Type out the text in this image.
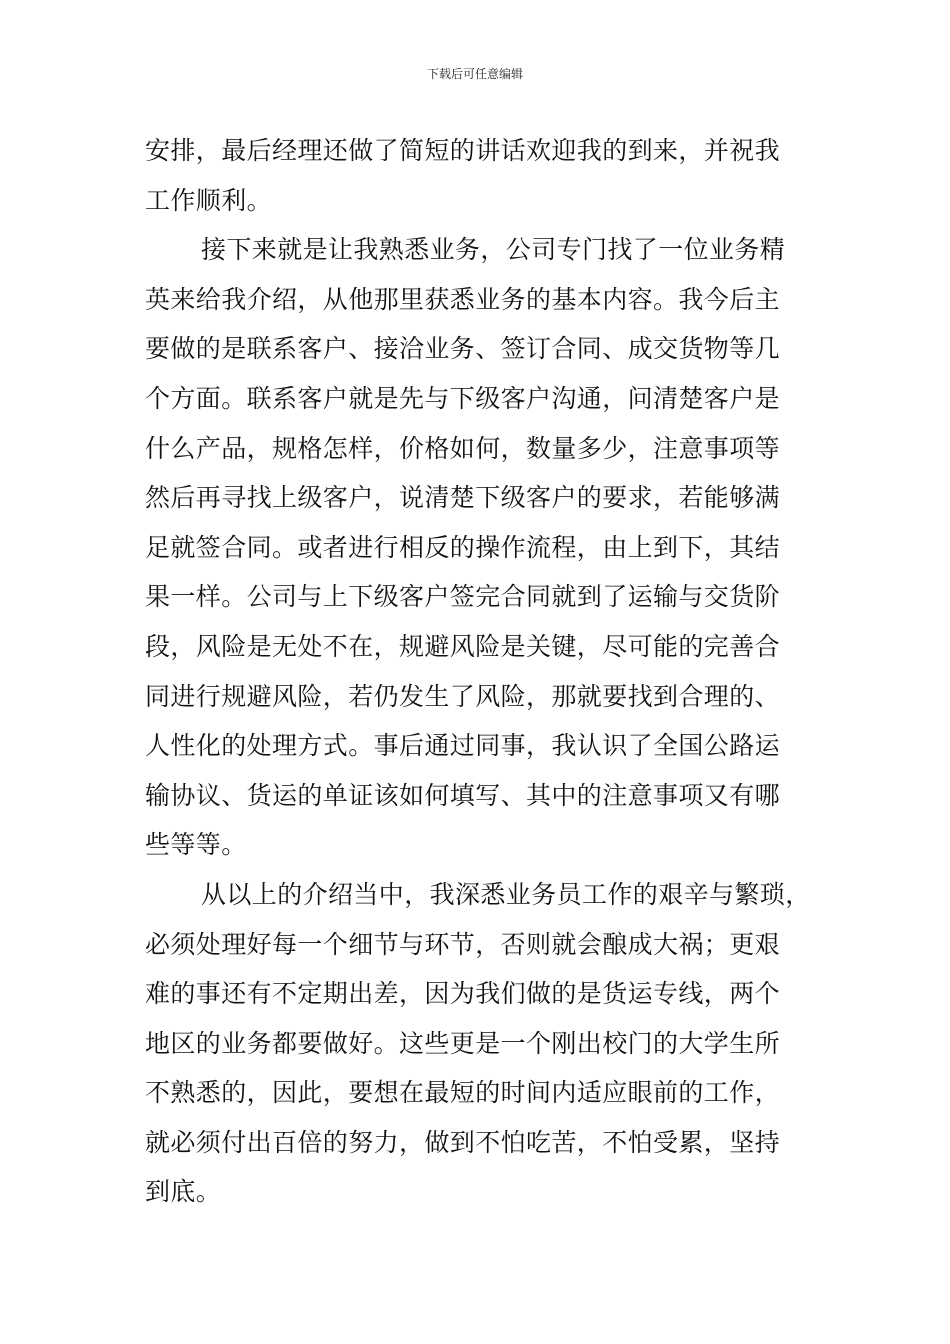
下载后可任意编辑
安排，最后经理还做了简短的讲话欢迎我的到来，并祝我
工作顺利。
接下来就是让我熟悉业务，公司专门找了一位业务精
英来给我介绍，从他那里获悉业务的基本内容。我今后主
要做的是联系客户、接洽业务、签订合同、成交货物等几
个方面。联系客户就是先与下级客户沟通，问清楚客户是
什么产品，规格怎样，价格如何，数量多少，注意事项等
然后再寻找上级客户，说清楚下级客户的要求，若能够满
足就签合同。或者进行相反的操作流程，由上到下，其结
果一样。公司与上下级客户签完合同就到了运输与交货阶
段，风险是无处不在，规避风险是关键，尽可能的完善合
同进行规避风险，若仍发生了风险，那就要找到合理的、
人性化的处理方式。事后通过同事，我认识了全国公路运
输协议、货运的单证该如何填写、其中的注意事项又有哪
些等等。
从以上的介绍当中，我深悉业务员工作的艰辛与繁琐，
必须处理好每一个细节与环节，否则就会酿成大祸；更艰
难的事还有不定期出差，因为我们做的是货运专线，两个
地区的业务都要做好。这些更是一个刚出校门的大学生所
不熟悉的，因此，要想在最短的时间内适应眼前的工作，
就必须付出百倍的努力，做到不怕吃苦，不怕受累，坚持
到底。
